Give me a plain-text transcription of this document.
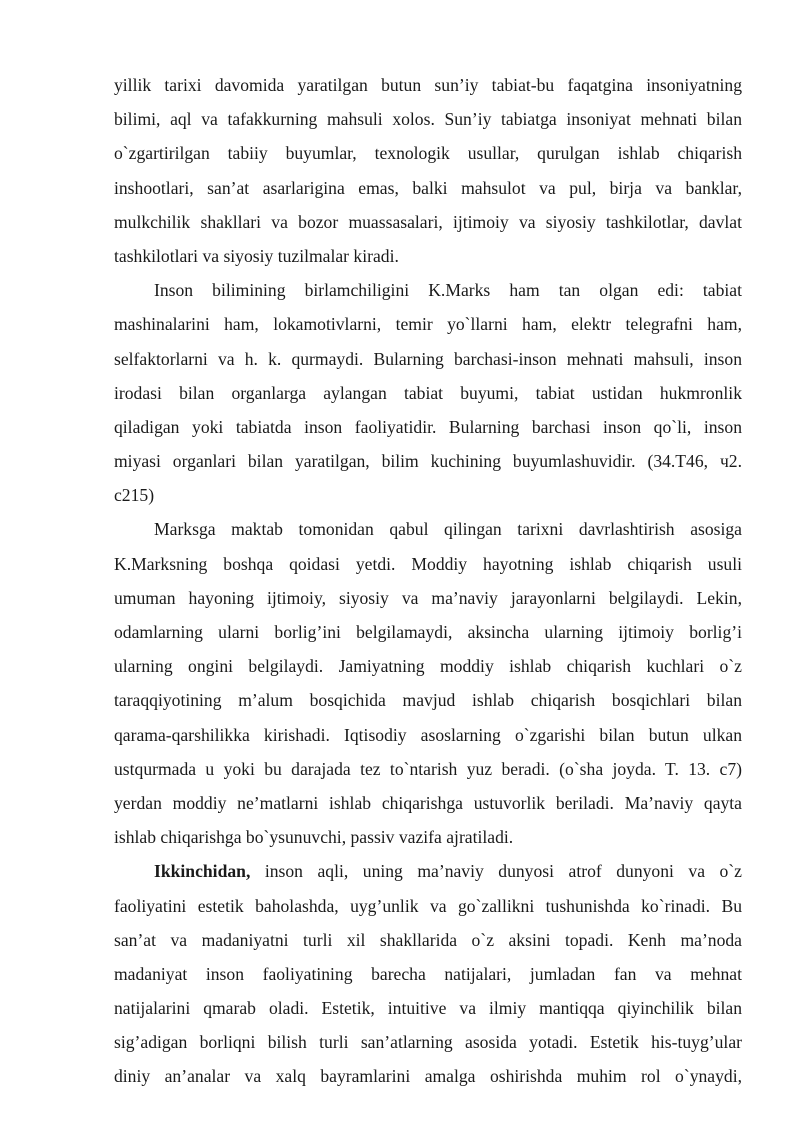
yillik tarixi davomida yaratilgan butun sun’iy tabiat-bu faqatgina insoniyatning
bilimi, aql va tafakkurning mahsuli xolos. Sun’iy tabiatga insoniyat mehnati bilan
o`zgartirilgan tabiiy buyumlar, texnologik usullar, qurulgan ishlab chiqarish
inshootlari, san’at asarlarigina emas, balki mahsulot va pul, birja va banklar,
mulkchilik shakllari va bozor muassasalari, ijtimoiy va siyosiy tashkilotlar, davlat
tashkilotlari va siyosiy tuzilmalar kiradi.
Inson bilimining birlamchiligini K.Marks ham tan olgan edi: tabiat
mashinalarini ham, lokamotivlarni, temir yo`llarni ham, elektr telegrafni ham,
selfaktorlarni va h. k. qurmaydi. Bularning barchasi-inson mehnati mahsuli, inson
irodasi bilan organlarga aylangan tabiat buyumi, tabiat ustidan hukmronlik
qiladigan yoki tabiatda inson faoliyatidir. Bularning barchasi inson qo`li, inson
miyasi organlari bilan yaratilgan, bilim kuchining buyumlashuvidir. (34.T46, ч2.
c215)
Marksga maktab tomonidan qabul qilingan tarixni davrlashtirish asosiga
K.Marksning boshqa qoidasi yetdi. Moddiy hayotning ishlab chiqarish usuli
umuman hayoning ijtimoiy, siyosiy va ma’naviy jarayonlarni belgilaydi. Lekin,
odamlarning ularni borlig’ini belgilamaydi, aksincha ularning ijtimoiy borlig’i
ularning ongini belgilaydi. Jamiyatning moddiy ishlab chiqarish kuchlari o`z
taraqqiyotining m’alum bosqichida mavjud ishlab chiqarish bosqichlari bilan
qarama-qarshilikka kirishadi. Iqtisodiy asoslarning o`zgarishi bilan butun ulkan
ustqurmada u yoki bu darajada tez to`ntarish yuz beradi. (o`sha joyda. T. 13. c7)
yerdan moddiy ne’matlarni ishlab chiqarishga ustuvorlik beriladi. Ma’naviy qayta
ishlab chiqarishga bo`ysunuvchi, passiv vazifa ajratiladi.
Ikkinchidan, inson aqli, uning ma’naviy dunyosi atrof dunyoni va o`z
faoliyatini estetik baholashda, uyg’unlik va go`zallikni tushunishda ko`rinadi. Bu
san’at va madaniyatni turli xil shakllarida o`z aksini topadi. Kenh ma’noda
madaniyat inson faoliyatining barecha natijalari, jumladan fan va mehnat
natijalarini qmarab oladi. Estetik, intuitive va ilmiy mantiqqa qiyinchilik bilan
sig’adigan borliqni bilish turli san’atlarning asosida yotadi. Estetik his-tuyg’ular
diniy an’analar va xalq bayramlarini amalga oshirishda muhim rol o`ynaydi,
